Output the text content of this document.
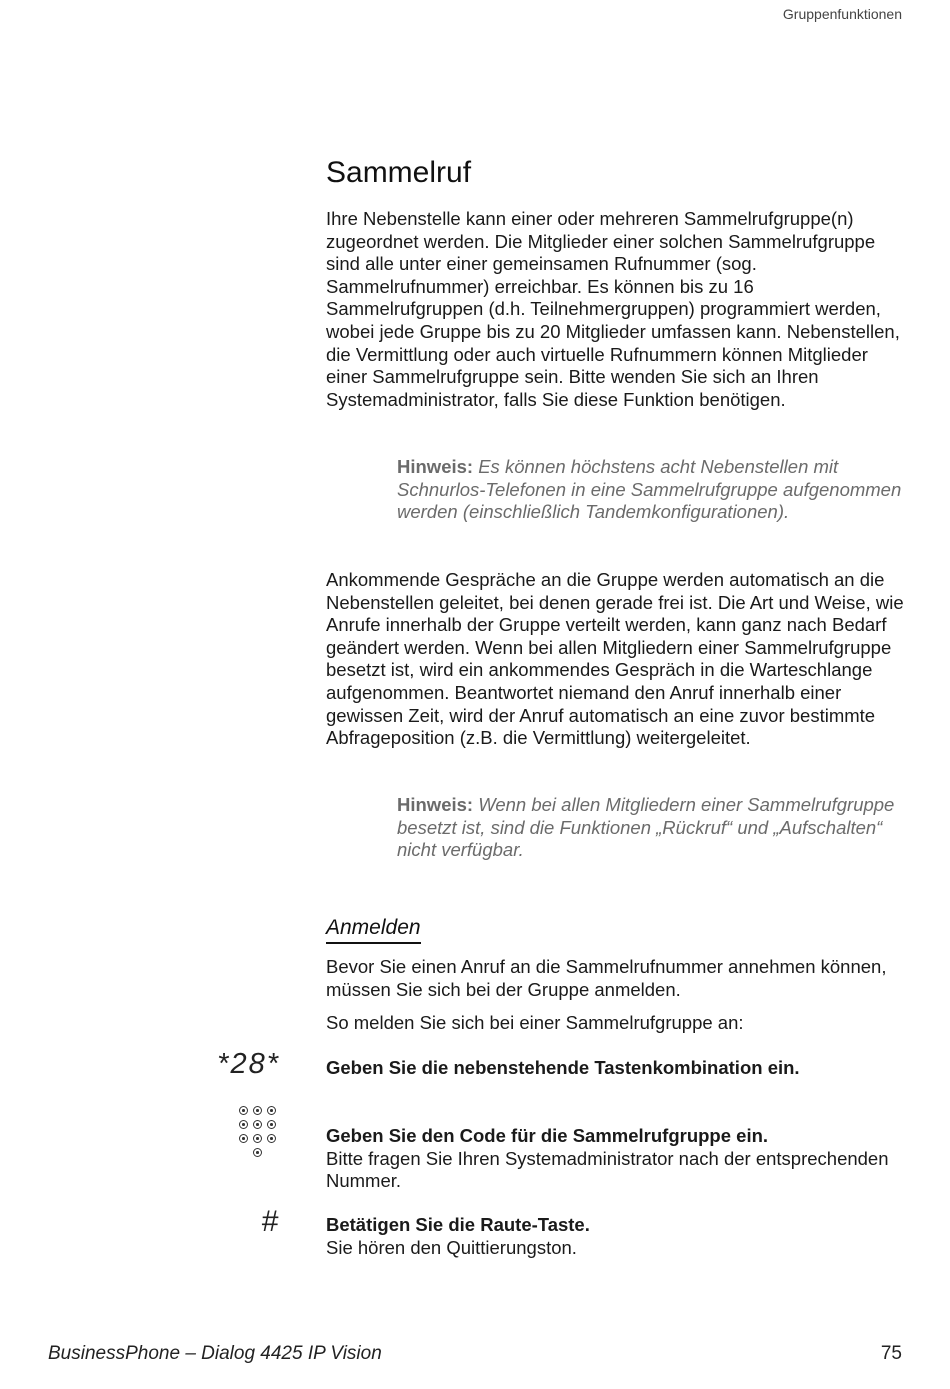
Gruppenfunktionen
Sammelruf

Ihre Nebenstelle kann einer oder mehreren Sammelrufgruppe(n) zugeordnet werden. Die Mitglieder einer solchen Sammelrufgruppe sind alle unter einer gemeinsamen Rufnummer (sog. Sammelrufnummer) erreichbar. Es können bis zu 16 Sammelrufgruppen (d.h. Teilnehmergruppen) programmiert werden, wobei jede Gruppe bis zu 20 Mitglieder umfassen kann. Nebenstellen, die Vermittlung oder auch virtuelle Rufnummern können Mitglieder einer Sammelrufgruppe sein. Bitte wenden Sie sich an Ihren Systemadministrator, falls Sie diese Funktion benötigen.

Hinweis: Es können höchstens acht Nebenstellen mit Schnurlos-Telefonen in eine Sammelrufgruppe aufgenommen werden (einschließlich Tandemkonfigurationen).

Ankommende Gespräche an die Gruppe werden automatisch an die Nebenstellen geleitet, bei denen gerade frei ist. Die Art und Weise, wie Anrufe innerhalb der Gruppe verteilt werden, kann ganz nach Bedarf geändert werden. Wenn bei allen Mitgliedern einer Sammelrufgruppe besetzt ist, wird ein ankommendes Gespräch in die Warteschlange aufgenommen. Beantwortet niemand den Anruf innerhalb einer gewissen Zeit, wird der Anruf automatisch an eine zuvor bestimmte Abfrageposition (z.B. die Vermittlung) weitergeleitet.

Hinweis: Wenn bei allen Mitgliedern einer Sammelrufgruppe besetzt ist, sind die Funktionen „Rückruf“ und „Aufschalten“ nicht verfügbar.

Anmelden

Bevor Sie einen Anruf an die Sammelrufnummer annehmen können, müssen Sie sich bei der Gruppe anmelden.

So melden Sie sich bei einer Sammelrufgruppe an:

*28* Geben Sie die nebenstehende Tastenkombination ein.

Geben Sie den Code für die Sammelrufgruppe ein.
Bitte fragen Sie Ihren Systemadministrator nach der entsprechenden Nummer.

#	Betätigen Sie die Raute-Taste.
Sie hören den Quittierungston.

BusinessPhone – Dialog 4425 IP Vision	75
